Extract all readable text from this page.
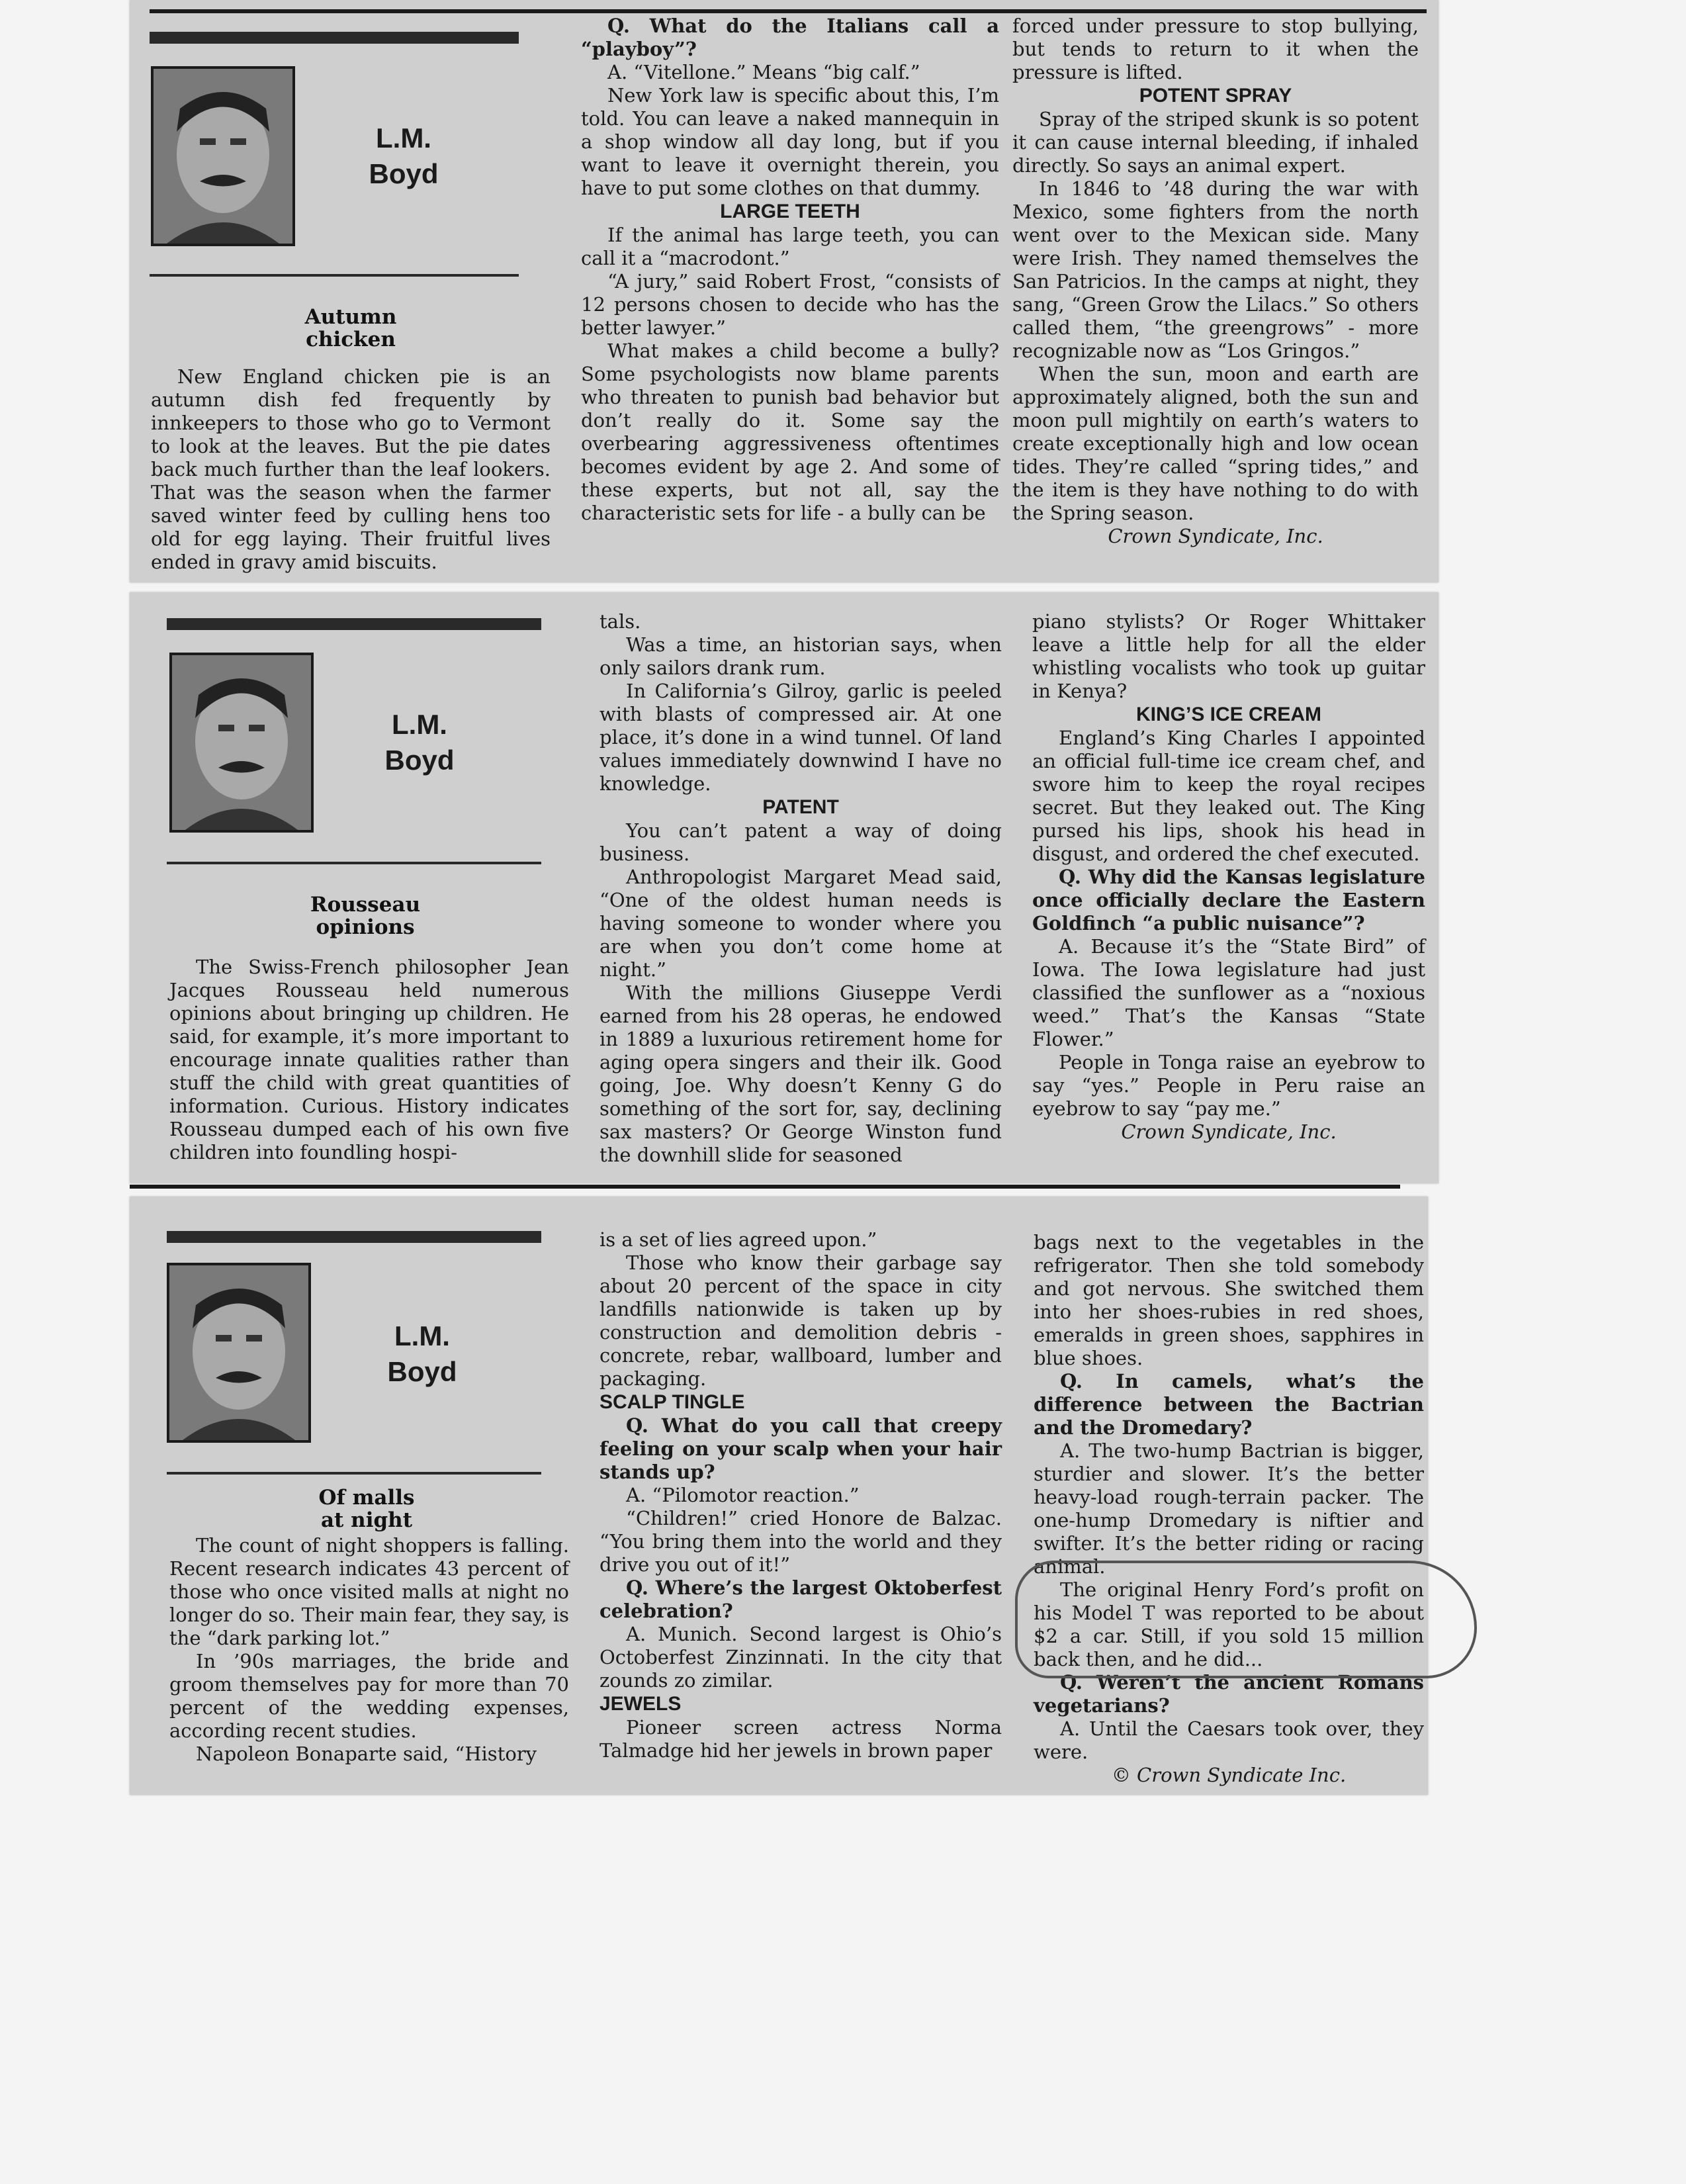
L.M.
Boyd
Autumn
chicken

New England chicken pie is an autumn dish fed frequently by innkeepers to those who go to Vermont to look at the leaves. But the pie dates back much further than the leaf lookers. That was the season when the farmer saved winter feed by culling hens too old for egg laying. Their fruitful lives ended in gravy amid biscuits.

Q. What do the Italians call a “playboy”?

A. “Vitellone.” Means “big calf.”

New York law is specific about this, I’m told. You can leave a naked mannequin in a shop window all day long, but if you want to leave it overnight therein, you have to put some clothes on that dummy.

LARGE TEETH

If the animal has large teeth, you can call it a “macrodont.”

“A jury,” said Robert Frost, “consists of 12 persons chosen to decide who has the better lawyer.”

What makes a child become a bully? Some psychologists now blame parents who threaten to punish bad behavior but don’t really do it. Some say the overbearing aggressiveness oftentimes becomes evident by age 2. And some of these experts, but not all, say the characteristic sets for life - a bully can be

forced under pressure to stop bullying, but tends to return to it when the pressure is lifted.

POTENT SPRAY

Spray of the striped skunk is so potent it can cause internal bleeding, if inhaled directly. So says an animal expert.

In 1846 to ’48 during the war with Mexico, some fighters from the north went over to the Mexican side. Many were Irish. They named themselves the San Patricios. In the camps at night, they sang, “Green Grow the Lilacs.” So others called them, “the greengrows” - more recognizable now as “Los Gringos.”

When the sun, moon and earth are approximately aligned, both the sun and moon pull mightily on earth’s waters to create exceptionally high and low ocean tides. They’re called “spring tides,” and the item is they have nothing to do with the Spring season.

Crown Syndicate, Inc.

L.M.
Boyd
Rousseau
opinions

The Swiss-French philosopher Jean Jacques Rousseau held numerous opinions about bringing up children. He said, for example, it’s more important to encourage innate qualities rather than stuff the child with great quantities of information. Curious. History indicates Rousseau dumped each of his own five children into foundling hospi-

tals.

Was a time, an historian says, when only sailors drank rum.

In California’s Gilroy, garlic is peeled with blasts of compressed air. At one place, it’s done in a wind tunnel. Of land values immediately downwind I have no knowledge.

PATENT

You can’t patent a way of doing business.

Anthropologist Margaret Mead said, “One of the oldest human needs is having someone to wonder where you are when you don’t come home at night.”

With the millions Giuseppe Verdi earned from his 28 operas, he endowed in 1889 a luxurious retirement home for aging opera singers and their ilk. Good going, Joe. Why doesn’t Kenny G do something of the sort for, say, declining sax masters? Or George Winston fund the downhill slide for seasoned

piano stylists? Or Roger Whittaker leave a little help for all the elder whistling vocalists who took up guitar in Kenya?

KING’S ICE CREAM

England’s King Charles I appointed an official full-time ice cream chef, and swore him to keep the royal recipes secret. But they leaked out. The King pursed his lips, shook his head in disgust, and ordered the chef executed.

Q. Why did the Kansas legislature once officially declare the Eastern Goldfinch “a public nuisance”?

A. Because it’s the “State Bird” of Iowa. The Iowa legislature had just classified the sunflower as a “noxious weed.” That’s the Kansas “State Flower.”

People in Tonga raise an eyebrow to say “yes.” People in Peru raise an eyebrow to say “pay me.”

Crown Syndicate, Inc.

L.M.
Boyd
Of malls
at night

The count of night shoppers is falling. Recent research indicates 43 percent of those who once visited malls at night no longer do so. Their main fear, they say, is the “dark parking lot.”

In ’90s marriages, the bride and groom themselves pay for more than 70 percent of the wedding expenses, according recent studies.

Napoleon Bonaparte said, “History

is a set of lies agreed upon.”

Those who know their garbage say about 20 percent of the space in city landfills nationwide is taken up by construction and demolition debris - concrete, rebar, wallboard, lumber and packaging.

SCALP TINGLE

Q. What do you call that creepy feeling on your scalp when your hair stands up?

A. “Pilomotor reaction.”

“Children!” cried Honore de Balzac. “You bring them into the world and they drive you out of it!”

Q. Where’s the largest Oktoberfest celebration?

A. Munich. Second largest is Ohio’s Octoberfest Zinzinnati. In the city that zounds zo zimilar.

JEWELS

Pioneer screen actress Norma Talmadge hid her jewels in brown paper

bags next to the vegetables in the refrigerator. Then she told somebody and got nervous. She switched them into her shoes-rubies in red shoes, emeralds in green shoes, sapphires in blue shoes.

Q. In camels, what’s the difference between the Bactrian and the Dromedary?

A. The two-hump Bactrian is bigger, sturdier and slower. It’s the better heavy-load rough-terrain packer. The one-hump Dromedary is niftier and swifter. It’s the better riding or racing animal.

The original Henry Ford’s profit on his Model T was reported to be about $2 a car. Still, if you sold 15 million back then, and he did...

Q. Weren’t the ancient Romans vegetarians?

A. Until the Caesars took over, they were.

© Crown Syndicate Inc.
